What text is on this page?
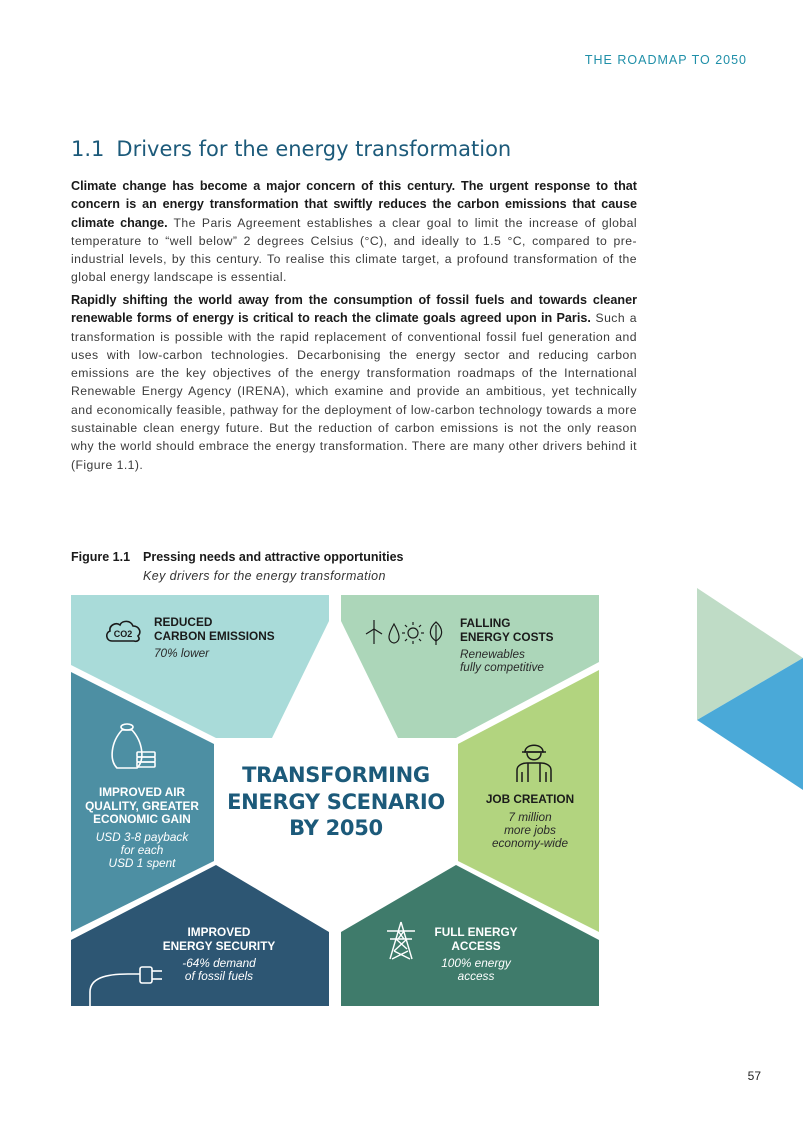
THE ROADMAP TO 2050
1.1 Drivers for the energy transformation

Climate change has become a major concern of this century. The urgent response to that concern is an energy transformation that swiftly reduces the carbon emissions that cause climate change. The Paris Agreement establishes a clear goal to limit the increase of global temperature to “well below” 2 degrees Celsius (°C), and ideally to 1.5 °C, compared to pre-industrial levels, by this century. To realise this climate target, a profound transformation of the global energy landscape is essential.

Rapidly shifting the world away from the consumption of fossil fuels and towards cleaner renewable forms of energy is critical to reach the climate goals agreed upon in Paris. Such a transformation is possible with the rapid replacement of conventional fossil fuel generation and uses with low-carbon technologies. Decarbonising the energy sector and reducing carbon emissions are the key objectives of the energy transformation roadmaps of the International Renewable Energy Agency (IRENA), which examine and provide an ambitious, yet technically and economically feasible, pathway for the deployment of low-carbon technology towards a more sustainable clean energy future. But the reduction of carbon emissions is not the only reason why the world should embrace the energy transformation. There are many other drivers behind it (Figure 1.1).

Figure 1.1 Pressing needs and attractive opportunities
Key drivers for the energy transformation
CO2
REDUCED
CARBON EMISSIONS
70% lower
FALLING
ENERGY COSTS
Renewables
fully competitive
IMPROVED AIR
QUALITY, GREATER
ECONOMIC GAIN
USD 3-8 payback
for each
USD 1 spent
JOB CREATION
7 million
more jobs
economy-wide
IMPROVED
ENERGY SECURITY
-64% demand
of fossil fuels
FULL ENERGY
ACCESS
100% energy
access
TRANSFORMING
ENERGY SCENARIO
BY 2050
57
